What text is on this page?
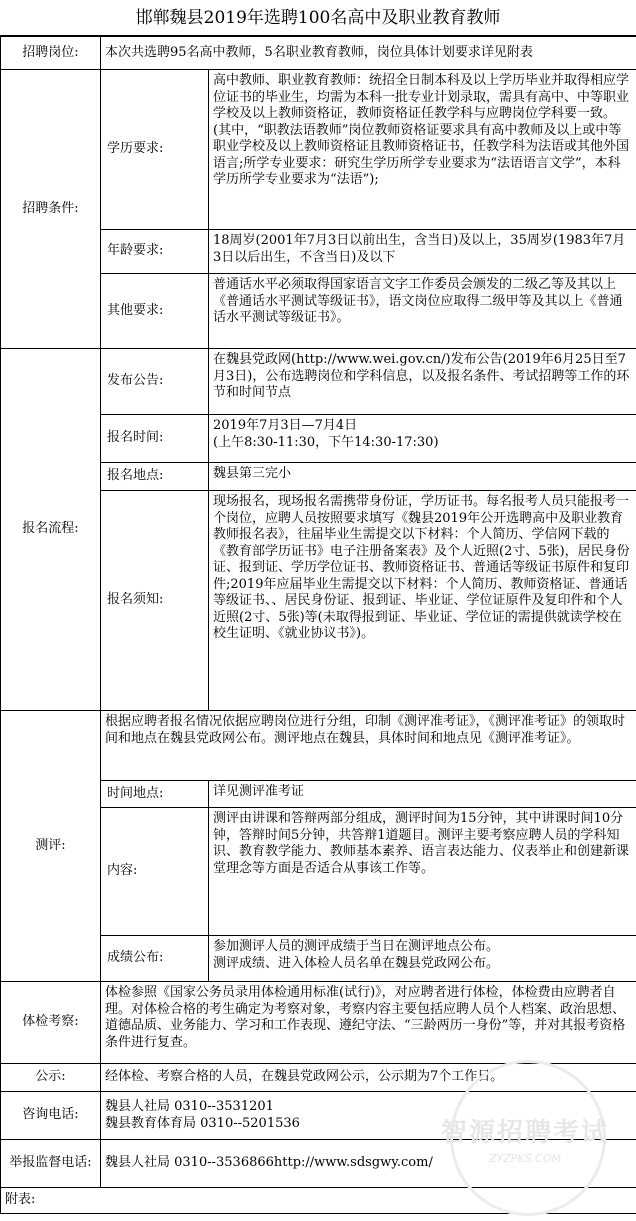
邯郸魏县2019年选聘100名高中及职业教育教师
招聘岗位:	本次共选聘95名高中教师，5名职业教育教师，岗位具体计划要求详见附表	
招聘条件:	学历要求:	高中教师、职业教育教师：统招全日制本科及以上学历毕业并取得相应学位证书的毕业生，均需为本科一批专业计划录取，需具有高中、中等职业学校及以上教师资格证，教师资格证任教学科与应聘岗位学科要一致。(其中，“职教法语教师”岗位教师资格证要求具有高中教师及以上或中等职业学校及以上教师资格证且教师资格证书，任教学科为法语或其他外国语言;所学专业要求：研究生学历所学专业要求为“法语语言文学”，本科学历所学专业要求为“法语”);
	年龄要求:	18周岁(2001年7月3日以前出生，含当日)及以上，35周岁(1983年7月3日以后出生，不含当日)及以下
	其他要求:	普通话水平必须取得国家语言文字工作委员会颁发的二级乙等及其以上《普通话水平测试等级证书》，语文岗位应取得二级甲等及其以上《普通话水平测试等级证书》。
报名流程:	发布公告:	在魏县党政网(http://www.wei.gov.cn/)发布公告(2019年6月25日至7月3日)，公布选聘岗位和学科信息，以及报名条件、考试招聘等工作的环节和时间节点
	报名时间:	2019年7月3日—7月4日
(上午8:30-11:30，下午14:30-17:30)

	报名地点:	魏县第三完小
	报名须知:	现场报名，现场报名需携带身份证，学历证书。每名报考人员只能报考一个岗位，应聘人员按照要求填写《魏县2019年公开选聘高中及职业教育教师报名表》，往届毕业生需提交以下材料：个人简历、学信网下载的《教育部学历证书》电子注册备案表》及个人近照(2寸、5张)，居民身份证、报到证、学历学位证书、教师资格证书、普通话等级证书原件和复印件;2019年应届毕业生需提交以下材料：个人简历、教师资格证、普通话等级证书、、居民身份证、报到证、毕业证、学位证原件及复印件和个人近照(2寸、5张)等(未取得报到证、毕业证、学位证的需提供就读学校在校生证明、《就业协议书》)。
测评:	根据应聘者报名情况依据应聘岗位进行分组，印制《测评准考证》，《测评准考证》的领取时间和地点在魏县党政网公布。测评地点在魏县，具体时间和地点见《测评准考证》。	
	时间地点:	详见测评准考证
	内容:	测评由讲课和答辩两部分组成，测评时间为15分钟，其中讲课时间10分钟，答辩时间5分钟，共答辩1道题目。测评主要考察应聘人员的学科知识、教育教学能力、教师基本素养、语言表达能力、仪表举止和创建新课堂理念等方面是否适合从事该工作等。
	成绩公布:	参加测评人员的测评成绩于当日在测评地点公布。
测评成绩、进入体检人员名单在魏县党政网公布。

体检考察:	体检参照《国家公务员录用体检通用标准(试行)》，对应聘者进行体检，体检费由应聘者自理。对体检合格的考生确定为考察对象，考察内容主要包括应聘人员个人档案、政治思想、道德品质、业务能力、学习和工作表现、遵纪守法、“三龄两历一身份”等，并对其报考资格条件进行复查。	
公示:	经体检、考察合格的人员，在魏县党政网公示，公示期为7个工作日。	
咨询电话:	魏县人社局 0310--3531201
魏县教育体育局 0310--5201536	

举报监督电话:	魏县人社局 0310--3536866http://www.sdsgwy.com/	
附表:		
智源招聘考试
ZYZPKS.COM
